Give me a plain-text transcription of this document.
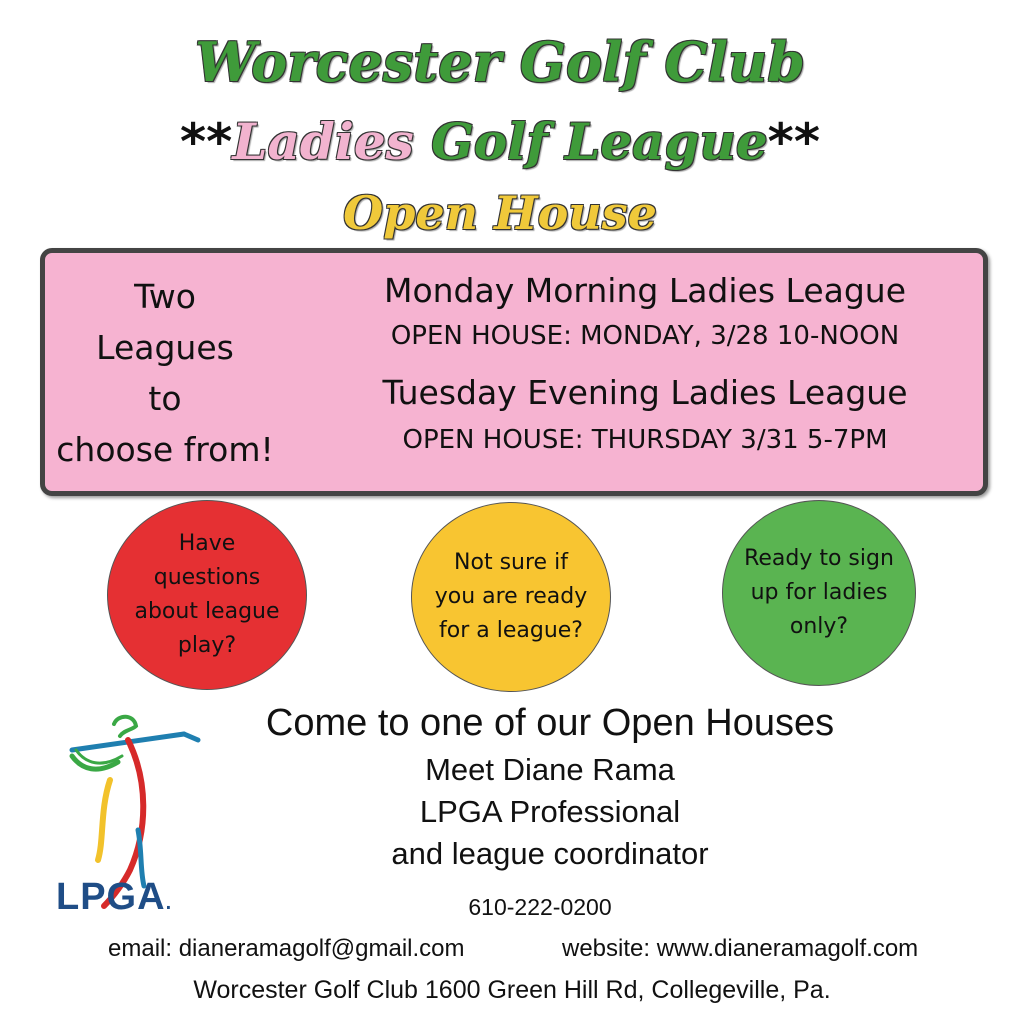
Worcester Golf Club
**Ladies Golf League**
Open House
Two
Leagues
to
choose from!
Monday Morning Ladies League
OPEN HOUSE: MONDAY, 3/28 10-NOON
Tuesday Evening Ladies League
OPEN HOUSE: THURSDAY 3/31 5-7PM
Have questions about league play?
Not sure if you are ready for a league?
Ready to sign up for ladies only?
LPGA.
Come to one of our Open Houses
Meet Diane Rama
LPGA Professional
and league coordinator
610-222-0200
email: dianeramagolf@gmail.com	website: www.dianeramagolf.com
Worcester Golf Club 1600 Green Hill Rd, Collegeville, Pa.
